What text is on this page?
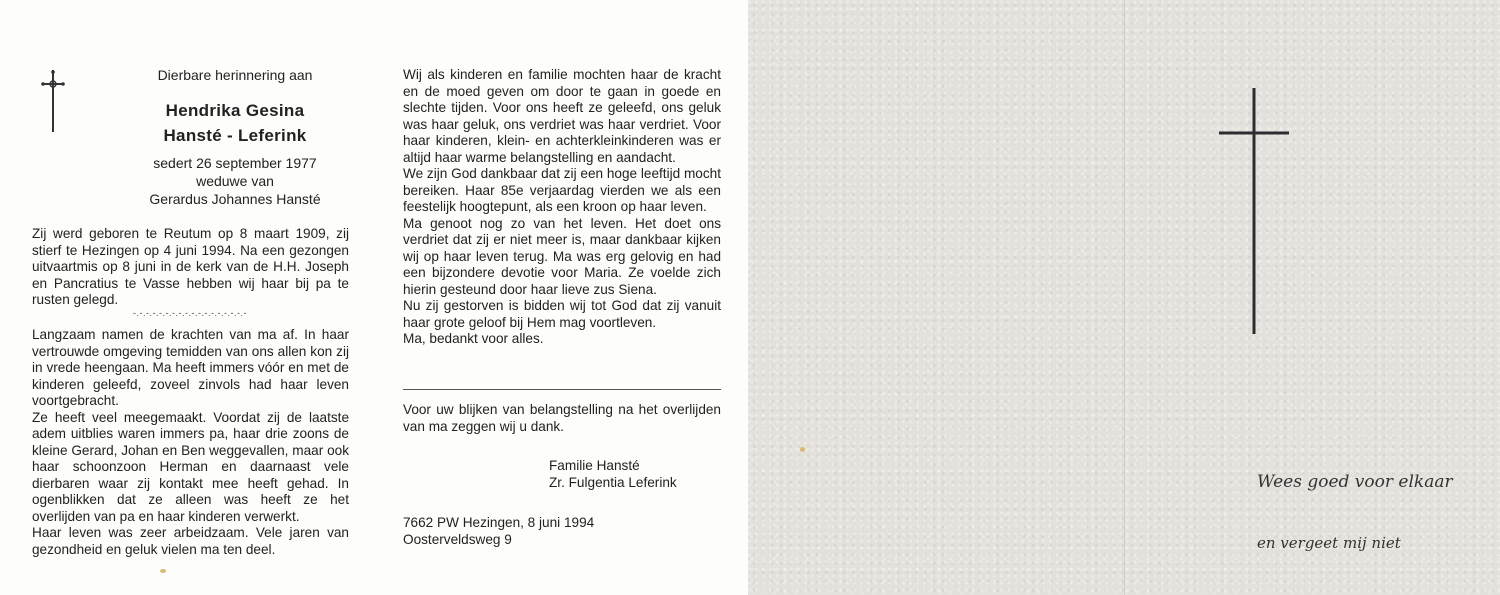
Dierbare herinnering aan
Hendrika Gesina
Hansté - Leferink
sedert 26 september 1977
weduwe van
Gerardus Johannes Hansté
Zij werd geboren te Reutum op 8 maart 1909, zij stierf te Hezingen op 4 juni 1994. Na een gezongen uitvaartmis op 8 juni in de kerk van de H.H. Joseph en Pancratius te Vasse hebben wij haar bij pa te rusten gelegd.
-.-.-.-.-.-.-.-.-.-.-.-.-.-.-.-.-.-
Langzaam namen de krachten van ma af. In haar vertrouwde omgeving temidden van ons allen kon zij in vrede heengaan. Ma heeft immers vóór en met de kinderen geleefd, zoveel zinvols had haar leven voortgebracht.
Ze heeft veel meegemaakt. Voordat zij de laatste adem uitblies waren immers pa, haar drie zoons de kleine Gerard, Johan en Ben weggevallen, maar ook haar schoonzoon Herman en daarnaast vele dierbaren waar zij kontakt mee heeft gehad. In ogenblikken dat ze alleen was heeft ze het overlijden van pa en haar kinderen verwerkt.
Haar leven was zeer arbeidzaam. Vele jaren van gezondheid en geluk vielen ma ten deel.
Wij als kinderen en familie mochten haar de kracht en de moed geven om door te gaan in goede en slechte tijden. Voor ons heeft ze geleefd, ons geluk was haar geluk, ons verdriet was haar verdriet. Voor haar kinderen, klein- en achterkleinkinderen was er altijd haar warme belangstelling en aandacht.
We zijn God dankbaar dat zij een hoge leeftijd mocht bereiken. Haar 85e verjaardag vierden we als een feestelijk hoogtepunt, als een kroon op haar leven.
Ma genoot nog zo van het leven. Het doet ons verdriet dat zij er niet meer is, maar dankbaar kijken wij op haar leven terug. Ma was erg gelovig en had een bijzondere devotie voor Maria. Ze voelde zich hierin gesteund door haar lieve zus Siena.
Nu zij gestorven is bidden wij tot God dat zij vanuit haar grote geloof bij Hem mag voortleven.
Ma, bedankt voor alles.
Voor uw blijken van belangstelling na het overlijden van ma zeggen wij u dank.
Familie Hansté
Zr. Fulgentia Leferink
7662 PW Hezingen, 8 juni 1994
Oosterveldsweg 9
Wees goed voor elkaar
en vergeet mij niet
